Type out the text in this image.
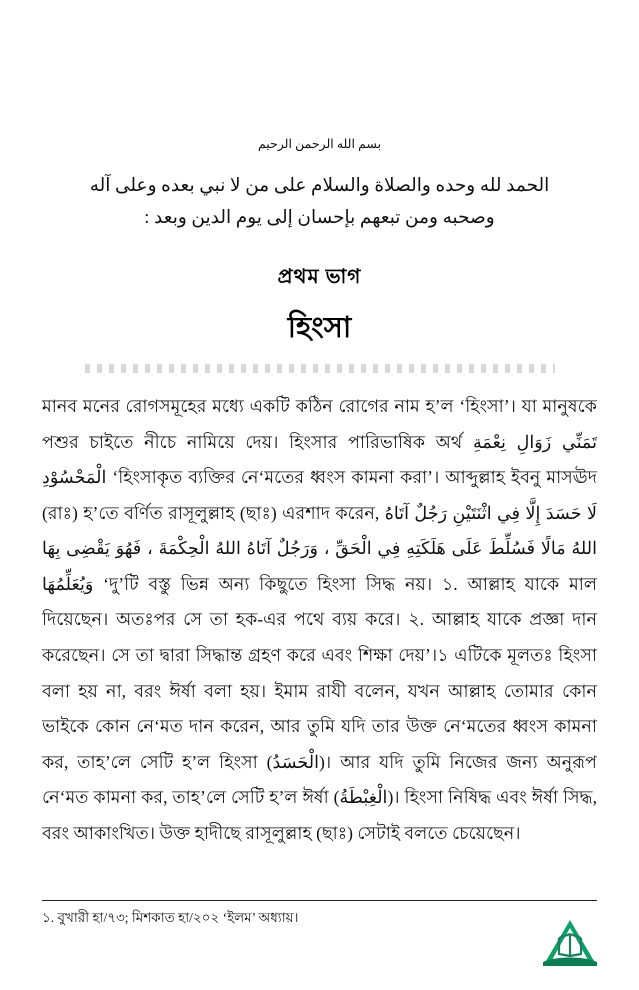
بسم الله الرحمن الرحيم
الحمد لله وحده والصلاة والسلام على من لا نبي بعده وعلى آله
وصحبه ومن تبعهم بإحسان إلى يوم الدين وبعد :
প্রথম ভাগ
হিংসা

মানব মনের রোগসমূহের মধ্যে একটি কঠিন রোগের নাম হ’ল ‘হিংসা’। যা মানুষকে পশুর চাইতে নীচে নামিয়ে দেয়। হিংসার পারিভাষিক অর্থ تَمَنِّي زَوَالِ نِعْمَةِ الْمَحْسُوْدِ ‘হিংসাকৃত ব্যক্তির নে‘মতের ধ্বংস কামনা করা’। আব্দুল্লাহ ইবনু মাসঊদ (রাঃ) হ’তে বর্ণিত রাসূলুল্লাহ (ছাঃ) এরশাদ করেন, لَا حَسَدَ إِلَّا فِي اثْنَتَيْنِ رَجُلٌ آتَاهُ اللهُ مَالًا فَسُلِّطَ عَلَى هَلَكَتِهِ فِي الْحَقِّ ، وَرَجُلٌ آتَاهُ اللهُ الْحِكْمَةَ ، فَهُوَ يَقْضِى بِهَا وَيُعَلِّمُهَا ‘দু’টি বস্তু ভিন্ন অন্য কিছুতে হিংসা সিদ্ধ নয়। ১. আল্লাহ যাকে মাল দিয়েছেন। অতঃপর সে তা হক-এর পথে ব্যয় করে। ২. আল্লাহ যাকে প্রজ্ঞা দান করেছেন। সে তা দ্বারা সিদ্ধান্ত গ্রহণ করে এবং শিক্ষা দেয়’।১ এটিকে মূলতঃ হিংসা বলা হয় না, বরং ঈর্ষা বলা হয়। ইমাম রাযী বলেন, যখন আল্লাহ তোমার কোন ভাইকে কোন নে‘মত দান করেন, আর তুমি যদি তার উক্ত নে‘মতের ধ্বংস কামনা কর, তাহ’লে সেটি হ’ল হিংসা (الْحَسَدُ)। আর যদি তুমি নিজের জন্য অনুরূপ নে‘মত কামনা কর, তাহ’লে সেটি হ’ল ঈর্ষা (الْغِبْطَةُ)। হিংসা নিষিদ্ধ এবং ঈর্ষা সিদ্ধ, বরং আকাংখিত। উক্ত হাদীছে রাসূলুল্লাহ (ছাঃ) সেটাই বলতে চেয়েছেন।

১. বুখারী হা/৭৩; মিশকাত হা/২০২ ‘ইলম’ অধ্যায়।
